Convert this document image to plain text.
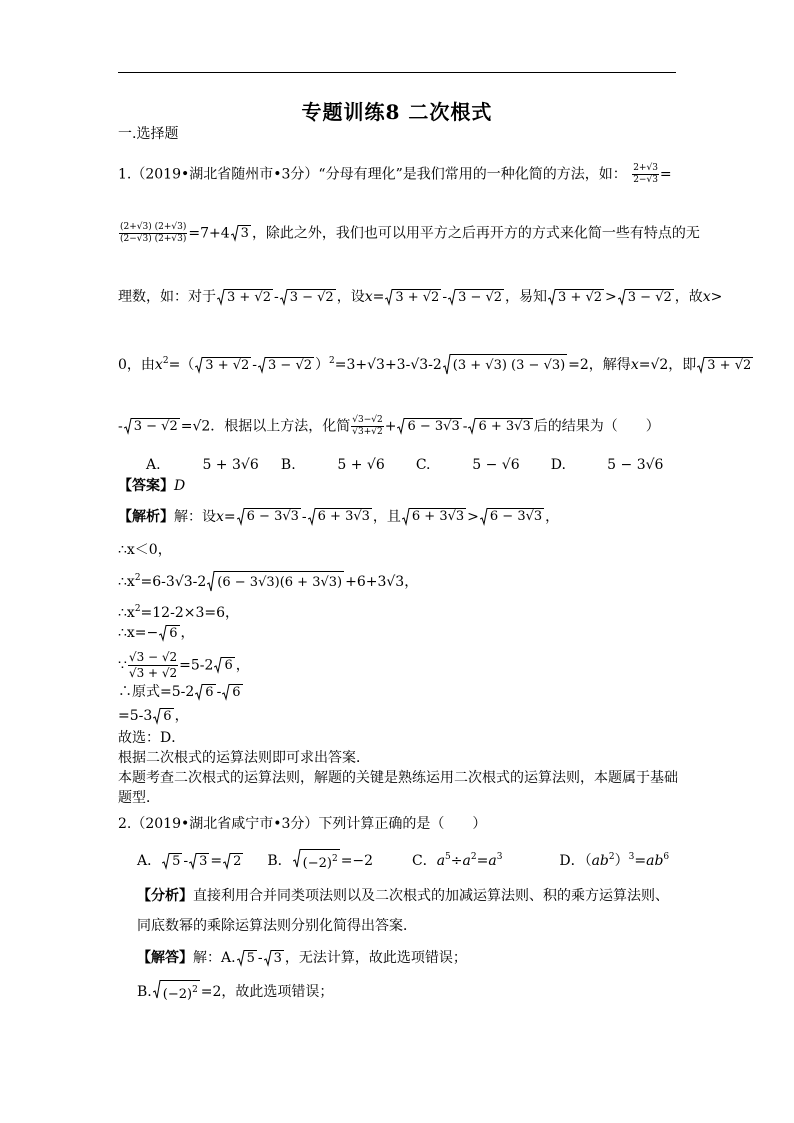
专题训练8 二次根式
一.选择题
1.（2019•湖北省随州市•3分）“分母有理化”是我们常用的一种化简的方法，如： $\frac{2+√3}{2-√3}$ =
$\frac{(2+√3) (2+√3)}{(2-√3) (2+√3)} =7+4$ 3 ，除此之外，我们也可以用平方之后再开方的方式来化简一些有特点的无
理数，如：对于 3 + √2 - 3 − √2 ，设x= 3 + √2 - 3 − √2 ，易知 3 + √2 > 3 − √2 ，故x>
0，由$x^2=$（ 3 + √2 - 3 − √2 ）$^2$=3+√3+3-√3-2 (3 + √3) (3 − √3) =2，解得x=√2，即 3 + √2
- 3 − √2 =√2．根据以上方法，化简 $\frac{√3-√2}{√3+√2} + 6 - 3√3 - 6 + 3√3$ 后的结果为（　　）
A.	5 + 3√6 B.	5 + √6 C.	5 − √6 D.	5 − 3√6
【答案】D
【解析】解：设x= 6 − 3√3 - 6 + 3√3 ，且 6 + 3√3 > 6 − 3√3 ，
∴x＜0，
$\therefore x^2=6-3√3-2$ (6 − 3√3)(6 + 3√3) +6+3√3，
$\therefore x^2=12-2\times 3=6$，
∴x=− 6 ，
∵ $\frac{√3 - √2}{√3 + √2} =5-2$ 6 ，
∴原式=5-2 6 - 6
=5-3 6 ，
故选：D．
根据二次根式的运算法则即可求出答案．
本题考查二次根式的运算法则，解题的关键是熟练运用二次根式的运算法则，本题属于基础
题型．
2.（2019•湖北省咸宁市•3分）下列计算正确的是（　　）
A． 5 - 3 = 2 B． $(-2)^2 =-2$  C．$a^5\div a^2=a^3$	D．$(ab^2)^3=ab^6$
【分析】直接利用合并同类项法则以及二次根式的加减运算法则、积的乘方运算法则、
同底数幂的乘除运算法则分别化简得出答案．
【解答】解：A. 5 - 3 ，无法计算，故此选项错误；
B. $(-2)^2 =2$，故此选项错误；
